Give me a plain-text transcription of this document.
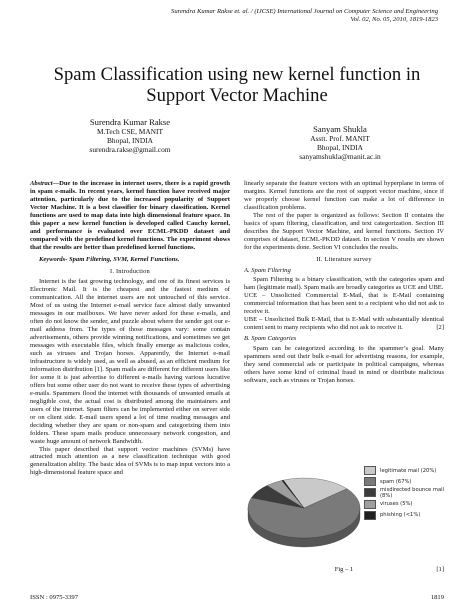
Surendra Kumar Rakse et. al. / (IJCSE) International Journal on Computer Science and Engineering
Vol. 02, No. 05, 2010, 1819-1823
Spam Classification using new kernel function in
Support Vector Machine
Surendra Kumar Rakse
M.Tech CSE, MANIT
Bhopal, INDIA
surendra.rakse@gmail.com
Sanyam Shukla
Asstt. Prof. MANIT
Bhopal, INDIA
sanyamshukla@manit.ac.in

Abstract—Due to the increase in internet users, there is a rapid growth in spam e-mails. In recent years, kernel function have received major attention, particularly due to the increased popularity of Support Vector Machine. It is a best classifier for binary classification. Kernel functions are used to map data into high dimensional feature space. In this paper a new kernel function is developed called Cauchy kernel, and performance is evaluated over ECML-PKDD dataset and compared with the predefined kernel functions. The experiment shows that the results are better than predefined kernel functions.

Keywords- Spam Filtering, SVM, Kernel Functions.

I. Introduction

Internet is the fast growing technology, and one of its finest services is Electronic Mail. It is the cheapest and the fastest medium of communication. All the internet users are not untouched of this service. Most of us using the Internet e-mail service face almost daily unwanted messages in our mailboxes. We have never asked for these e-mails, and often do not know the sender, and puzzle about where the sender got our e-mail address from. The types of those messages vary: some contain advertisements, others provide winning notifications, and sometimes we get messages with executable files, which finally emerge as malicious codes, such as viruses and Trojan horses. Apparently, the Internet e-mail infrastructure is widely used, as well as abused, as an efficient medium for information distribution [1]. Spam mails are different for different users like for some it is just advertise to different e-mails having various lucrative offers but some other user do not want to receive these types of advertising e-mails. Spammers flood the internet with thousands of unwanted emails at negligible cost, the actual cost is distributed among the maintainers and users of the internet. Spam filters can be implemented either on server side or on client side. E-mail users spend a lot of time reading messages and deciding whether they are spam or non-spam and categorizing them into folders. These spam mails produce unnecessary network congestion, and waste huge amount of network Bandwidth.

This paper described that support vector machines (SVMs) have attracted much attention as a new classification technique with good generalization ability. The basic idea of SVMs is to map input vectors into a high-dimensional feature space and

linearly separate the feature vectors with an optimal hyperplane in terms of margins. Kernel functions are the root of support vector machine, since if we properly choose kernel function can make a lot of difference in classification problems.

The rest of the paper is organized as follows: Section II contains the basics of spam filtering, classification, and text categorization. Section III describes the Support Vector Machine, and kernel functions. Section IV comprises of dataset, ECML-PKDD dataset. In section V results are shown for the experiments done. Section VI concludes the results.

II. Literature survey
A. Spam Filtering

Spam Filtering is a binary classification, with the categories spam and ham (legitimate mail). Spam mails are broadly categories as UCE and UBE.

UCE – Unsolicited Commercial E-Mail, that is E-Mail containing commercial information that has been sent to a recipient who did not ask to receive it.

UBE – Unsolicited Bulk E-Mail, that is E-Mail with substantially identical content sent to many recipients who did not ask to receive it.	[2]

B. Spam Categories

Spam can be categorized according to the spammer’s goal. Many spammers send out their bulk e-mail for advertising reasons, for example, they send commercial ads or participate in political campaigns, whereas others have some kind of criminal fraud in mind or distribute malicious software, such as viruses or Trojan horses.

legitimate mail (20%)
spam (67%)
misdirected bounce mail (8%)
viruses (5%)
phishing (<1%)
Fig – 1	[1]
ISSN : 0975-3397	1819
